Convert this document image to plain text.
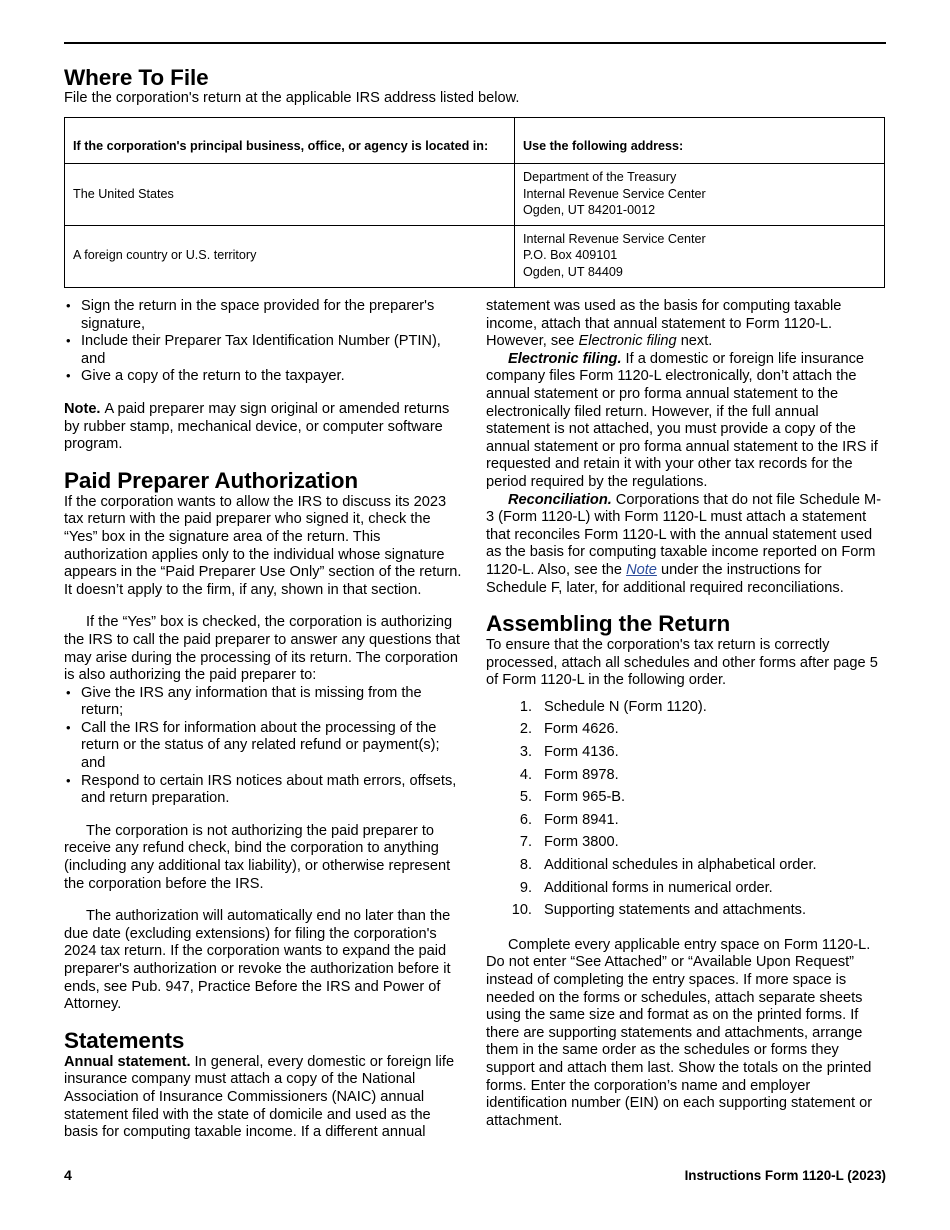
Where To File
File the corporation's return at the applicable IRS address listed below.
If the corporation's principal business, office, or agency is located in:	Use the following address:
The United States	Department of the Treasury
Internal Revenue Service Center
Ogden, UT 84201-0012

A foreign country or U.S. territory	Internal Revenue Service Center
P.O. Box 409101
Ogden, UT 84409
• Sign the return in the space provided for the preparer's signature,
• Include their Preparer Tax Identification Number (PTIN), and
• Give a copy of the return to the taxpayer.

Note. A paid preparer may sign original or amended returns by rubber stamp, mechanical device, or computer software program.

Paid Preparer Authorization

If the corporation wants to allow the IRS to discuss its 2023 tax return with the paid preparer who signed it, check the “Yes” box in the signature area of the return. This authorization applies only to the individual whose signature appears in the “Paid Preparer Use Only” section of the return. It doesn’t apply to the firm, if any, shown in that section.

If the “Yes” box is checked, the corporation is authorizing the IRS to call the paid preparer to answer any questions that may arise during the processing of its return. The corporation is also authorizing the paid preparer to:

• Give the IRS any information that is missing from the return;
• Call the IRS for information about the processing of the return or the status of any related refund or payment(s); and
• Respond to certain IRS notices about math errors, offsets, and return preparation.

The corporation is not authorizing the paid preparer to receive any refund check, bind the corporation to anything (including any additional tax liability), or otherwise represent the corporation before the IRS.

The authorization will automatically end no later than the due date (excluding extensions) for filing the corporation's 2024 tax return. If the corporation wants to expand the paid preparer's authorization or revoke the authorization before it ends, see Pub. 947, Practice Before the IRS and Power of Attorney.

Statements

Annual statement. In general, every domestic or foreign life insurance company must attach a copy of the National Association of Insurance Commissioners (NAIC) annual statement filed with the state of domicile and used as the basis for computing taxable income. If a different annual

statement was used as the basis for computing taxable income, attach that annual statement to Form 1120-L. However, see Electronic filing next.

Electronic filing. If a domestic or foreign life insurance company files Form 1120-L electronically, don’t attach the annual statement or pro forma annual statement to the electronically filed return. However, if the full annual statement is not attached, you must provide a copy of the annual statement or pro forma annual statement to the IRS if requested and retain it with your other tax records for the period required by the regulations.

Reconciliation. Corporations that do not file Schedule M-3 (Form 1120-L) with Form 1120-L must attach a statement that reconciles Form 1120-L with the annual statement used as the basis for computing taxable income reported on Form 1120-L. Also, see the Note under the instructions for Schedule F, later, for additional required reconciliations.

Assembling the Return

To ensure that the corporation's tax return is correctly processed, attach all schedules and other forms after page 5 of Form 1120-L in the following order.

1. Schedule N (Form 1120).
2. Form 4626.
3. Form 4136.
4. Form 8978.
5. Form 965-B.
6. Form 8941.
7. Form 3800.
8. Additional schedules in alphabetical order.
9. Additional forms in numerical order.
10. Supporting statements and attachments.

Complete every applicable entry space on Form 1120-L. Do not enter “See Attached” or “Available Upon Request” instead of completing the entry spaces. If more space is needed on the forms or schedules, attach separate sheets using the same size and format as on the printed forms. If there are supporting statements and attachments, arrange them in the same order as the schedules or forms they support and attach them last. Show the totals on the printed forms. Enter the corporation’s name and employer identification number (EIN) on each supporting statement or attachment.

4	Instructions Form 1120-L (2023)
